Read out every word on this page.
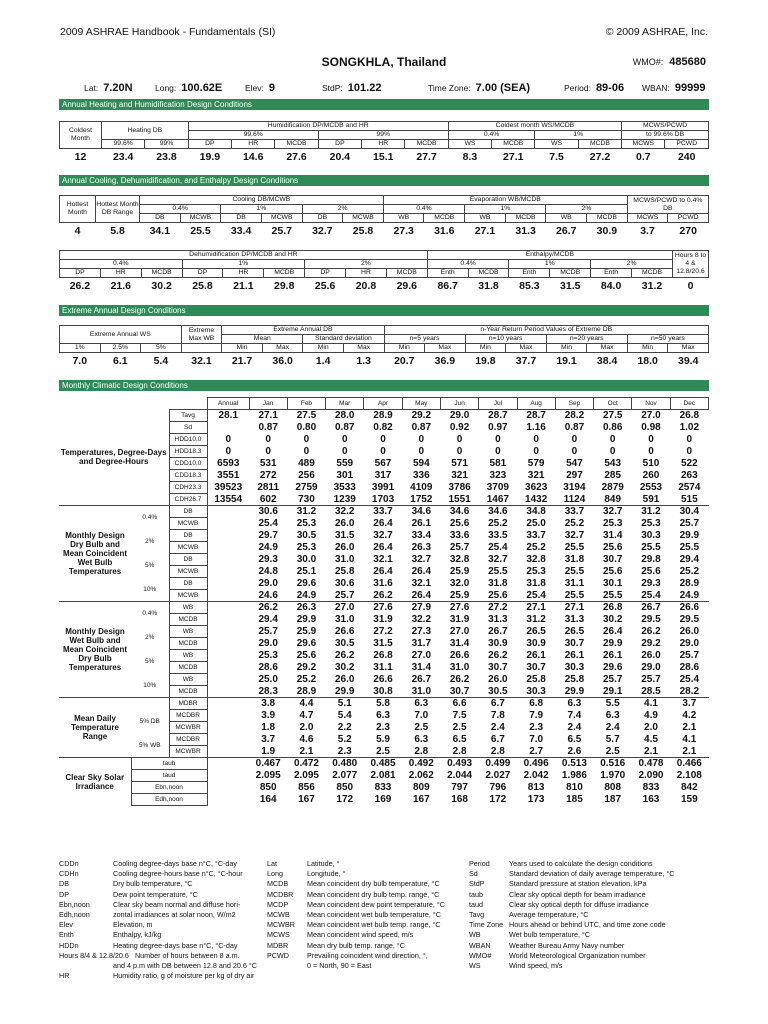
2009 ASHRAE Handbook - Fundamentals (SI)	© 2009 ASHRAE, Inc.
SONGKHLA, Thailand	WMO#: 485680
Lat: 7.20N	Long: 100.62E	Elev: 9	StdP: 101.22	Time Zone: 7.00 (SEA)	Period: 89-06 WBAN: 99999
Annual Heating and Humidification Design Conditions
Coldest Month	Heating DB		Humidification DP/MCDB and HR						Coldest month WS/MCDB				MCWS/PCWD	
			99.6%			99%			0.4%		1%		to 99.6% DB	
	99.6%	99%	DP	HR	MCDB	DP	HR	MCDB	WS	MCDB	WS	MCDB	MCWS	PCWD
12	23.4	23.8	19.9	14.6	27.6	20.4	15.1	27.7	8.3	27.1	7.5	27.2	0.7	240
Annual Cooling, Dehumidification, and Enthalpy Design Conditions
Hottest Month	Hottest Month DB Range	Cooling DB/MCWB						Evaporation WB/MCDB						MCWS/PCWD to 0.4% DB	
		0.4%		1%		2%		0.4%		1%		2%			
		DB	MCWB	DB	MCWB	DB	MCWB	WB	MCDB	WB	MCDB	WB	MCDB	MCWS	PCWD
4	5.8	34.1	25.5	33.4	25.7	32.7	25.8	27.3	31.6	27.1	31.3	26.7	30.9	3.7	270
Dehumidification DP/MCDB and HR									Enthalpy/MCDB						Hours 8 to 4 & 12.8/20.6
0.4%			1%			2%			0.4%		1%		2%		
DP	HR	MCDB	DP	HR	MCDB	DP	HR	MCDB	Enth	MCDB	Enth	MCDB	Enth	MCDB	
26.2	21.6	30.2	25.8	21.1	29.8	25.6	20.8	29.6	86.7	31.8	85.3	31.5	84.0	31.2	0
Extreme Annual Design Conditions
Extreme Annual WS			Extreme Max WB	Extreme Annual DB				n-Year Return Period Values of Extreme DB							
				Mean		Standard deviation		n=5 years		n=10 years		n=20 years		n=50 years	
1%	2.5%	5%		Min	Max	Min	Max	Min	Max	Min	Max	Min	Max	Min	Max
7.0	6.1	5.4	32.1	21.7	36.0	1.4	1.3	20.7	36.9	19.8	37.7	19.1	38.4	18.0	39.4
Monthly Climatic Design Conditions
			Annual	Jan	Feb	Mar	Apr	May	Jun	Jul	Aug	Sep	Oct	Nov	Dec
Temperatures, Degree-Days and Degree-Hours		Tavg	28.1	27.1	27.5	28.0	28.9	29.2	29.0	28.7	28.7	28.2	27.5	27.0	26.8
		Sd		0.87	0.80	0.87	0.82	0.87	0.92	0.97	1.16	0.87	0.86	0.98	1.02
		HDD10.0	0	0	0	0	0	0	0	0	0	0	0	0	0
		HDD18.3	0	0	0	0	0	0	0	0	0	0	0	0	0
		CDD10.0	6593	531	489	559	567	594	571	581	579	547	543	510	522
		CDD18.3	3551	272	256	301	317	336	321	323	321	297	285	260	263
		CDH23.3	39523	2811	2759	3533	3991	4109	3786	3709	3623	3194	2879	2553	2574
		CDH26.7	13554	602	730	1239	1703	1752	1551	1467	1432	1124	849	591	515
Monthly Design Dry Bulb and Mean Coincident Wet Bulb Temperatures	0.4%	DB		30.6	31.2	32.2	33.7	34.6	34.6	34.6	34.8	33.7	32.7	31.2	30.4
		MCWB		25.4	25.3	26.0	26.4	26.1	25.6	25.2	25.0	25.2	25.3	25.3	25.7
	2%	DB		29.7	30.5	31.5	32.7	33.4	33.6	33.5	33.7	32.7	31.4	30.3	29.9
		MCWB		24.9	25.3	26.0	26.4	26.3	25.7	25.4	25.2	25.5	25.6	25.5	25.5
	5%	DB		29.3	30.0	31.0	32.1	32.7	32.8	32.7	32.8	31.8	30.7	29.8	29.4
		MCWB		24.8	25.1	25.8	26.4	26.4	25.9	25.5	25.3	25.5	25.6	25.6	25.2
	10%	DB		29.0	29.6	30.6	31.6	32.1	32.0	31.8	31.8	31.1	30.1	29.3	28.9
		MCWB		24.6	24.9	25.7	26.2	26.4	25.9	25.6	25.4	25.5	25.5	25.4	24.9
Monthly Design Wet Bulb and Mean Coincident Dry Bulb Temperatures	0.4%	WB		26.2	26.3	27.0	27.6	27.9	27.6	27.2	27.1	27.1	26.8	26.7	26.6
		MCDB		29.4	29.9	31.0	31.9	32.2	31.9	31.3	31.2	31.3	30.2	29.5	29.5
	2%	WB		25.7	25.9	26.6	27.2	27.3	27.0	26.7	26.5	26.5	26.4	26.2	26.0
		MCDB		29.0	29.6	30.5	31.5	31.7	31.4	30.9	30.9	30.7	29.9	29.2	29.0
	5%	WB		25.3	25.6	26.2	26.8	27.0	26.6	26.2	26.1	26.1	26.1	26.0	25.7
		MCDB		28.6	29.2	30.2	31.1	31.4	31.0	30.7	30.7	30.3	29.6	29.0	28.6
	10%	WB		25.0	25.2	26.0	26.6	26.7	26.2	26.0	25.8	25.8	25.7	25.7	25.4
		MCDB		28.3	28.9	29.9	30.8	31.0	30.7	30.5	30.3	29.9	29.1	28.5	28.2
Mean Daily Temperature Range		MDBR		3.8	4.4	5.1	5.8	6.3	6.6	6.7	6.8	6.3	5.5	4.1	3.7
	5% DB	MCDBR		3.9	4.7	5.4	6.3	7.0	7.5	7.8	7.9	7.4	6.3	4.9	4.2
		MCWBR		1.8	2.0	2.2	2.3	2.5	2.5	2.4	2.3	2.4	2.4	2.0	2.1
	5% WB	MCDBR		3.7	4.6	5.2	5.9	6.3	6.5	6.7	7.0	6.5	5.7	4.5	4.1
		MCWBR		1.9	2.1	2.3	2.5	2.8	2.8	2.8	2.7	2.6	2.5	2.1	2.1
Clear Sky Solar Irradiance	taub			0.467	0.472	0.480	0.485	0.492	0.493	0.499	0.496	0.513	0.516	0.478	0.466
	taud			2.095	2.095	2.077	2.081	2.062	2.044	2.027	2.042	1.986	1.970	2.090	2.108
	Ebn,noon			850	856	850	833	809	797	796	813	810	808	833	842
	Edh,noon			164	167	172	169	167	168	172	173	185	187	163	159
CDDn	Cooling degree-days base n°C, °C-day
CDHn	Cooling degree-hours base n°C, °C-hour
DB	Dry bulb temperature, °C
DP	Dew point temperature, °C
Ebn,noon	Clear sky beam normal and diffuse hori-
Edh,noon	zontal irradiances at solar noon, W/m2
Elev	Elevation, m
Enth	Enthalpy, kJ/kg
HDDn	Heating degree-days base n°C, °C-day
Hours 8/4 & 12.8/20.6 Number of hours between 8 a.m.
and 4 p.m with DB between 12.8 and 20.6 °C
HR	Humidity ratio, g of moisture per kg of dry air
Lat	Latitude, °
Long	Longitude, °
MCDB	Mean coincident dry bulb temperature, °C
MCDBR	Mean coincident dry bulb temp. range, °C
MCDP	Mean coincident dew point temperature, °C
MCWB	Mean coincident wet bulb temperature, °C
MCWBR	Mean coincident wet bulb temp. range, °C
MCWS	Mean coincident wind speed, m/s
MDBR	Mean dry bulb temp. range, °C
PCWD	Prevailing coincident wind direction, °,
0 = North, 90 = East
Period	Years used to calculate the design conditions
Sd	Standard deviation of daily average temperature, °C
StdP	Standard pressure at station elevation, kPa
taub	Clear sky optical depth for beam irradiance
taud	Clear sky optical depth for diffuse irradiance
Tavg	Average temperature, °C
Time Zone Hours ahead or behind UTC, and time zone code
WB	Wet bulb temperature, °C
WBAN	Weather Bureau Army Navy number
WMO#	World Meteorological Organization number
WS	Wind speed, m/s
